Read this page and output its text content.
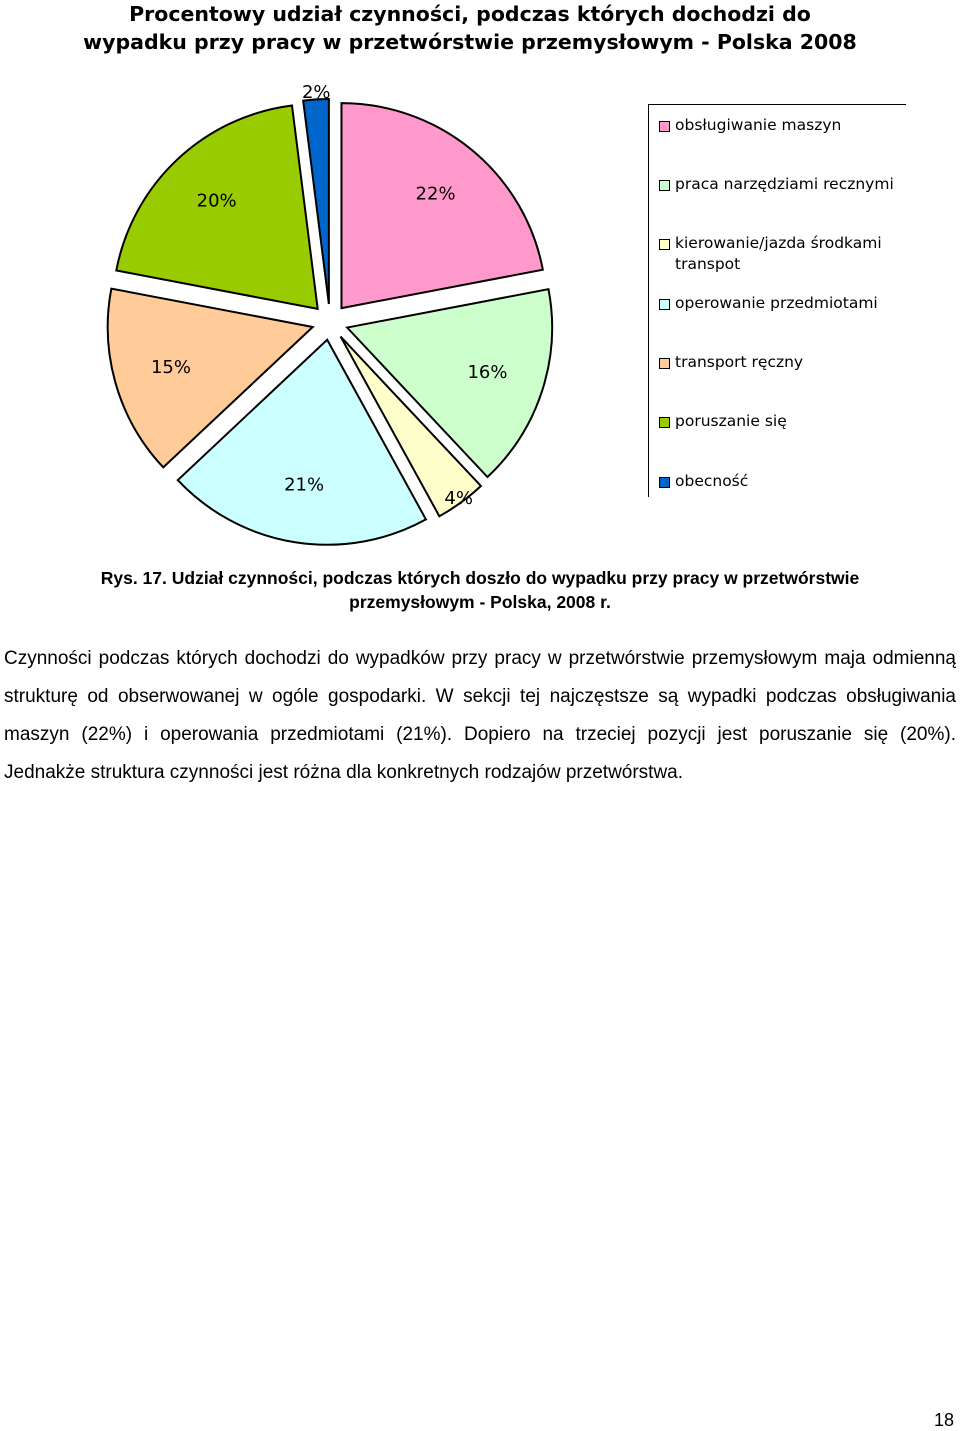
Procentowy udział czynności, podczas których dochodzi do
wypadku przy pracy w przetwórstwie przemysłowym - Polska 2008
22%
16%
4%
21%
15%
20%
2%
obsługiwanie maszyn
praca narzędziami recznymi
kierowanie/jazda środkami
transpot
operowanie przedmiotami
transport ręczny
poruszanie się
obecność
Rys. 17. Udział czynności, podczas których doszło do wypadku przy pracy w przetwórstwie
przemysłowym - Polska, 2008 r.
Czynności podczas których dochodzi do wypadków przy pracy w przetwórstwie przemysłowym maja odmienną strukturę od obserwowanej w ogóle gospodarki. W sekcji tej najczęstsze są wypadki podczas obsługiwania maszyn (22%) i operowania przedmiotami (21%). Dopiero na trzeciej pozycji jest poruszanie się (20%). Jednakże struktura czynności jest różna dla konkretnych rodzajów przetwórstwa.
18
